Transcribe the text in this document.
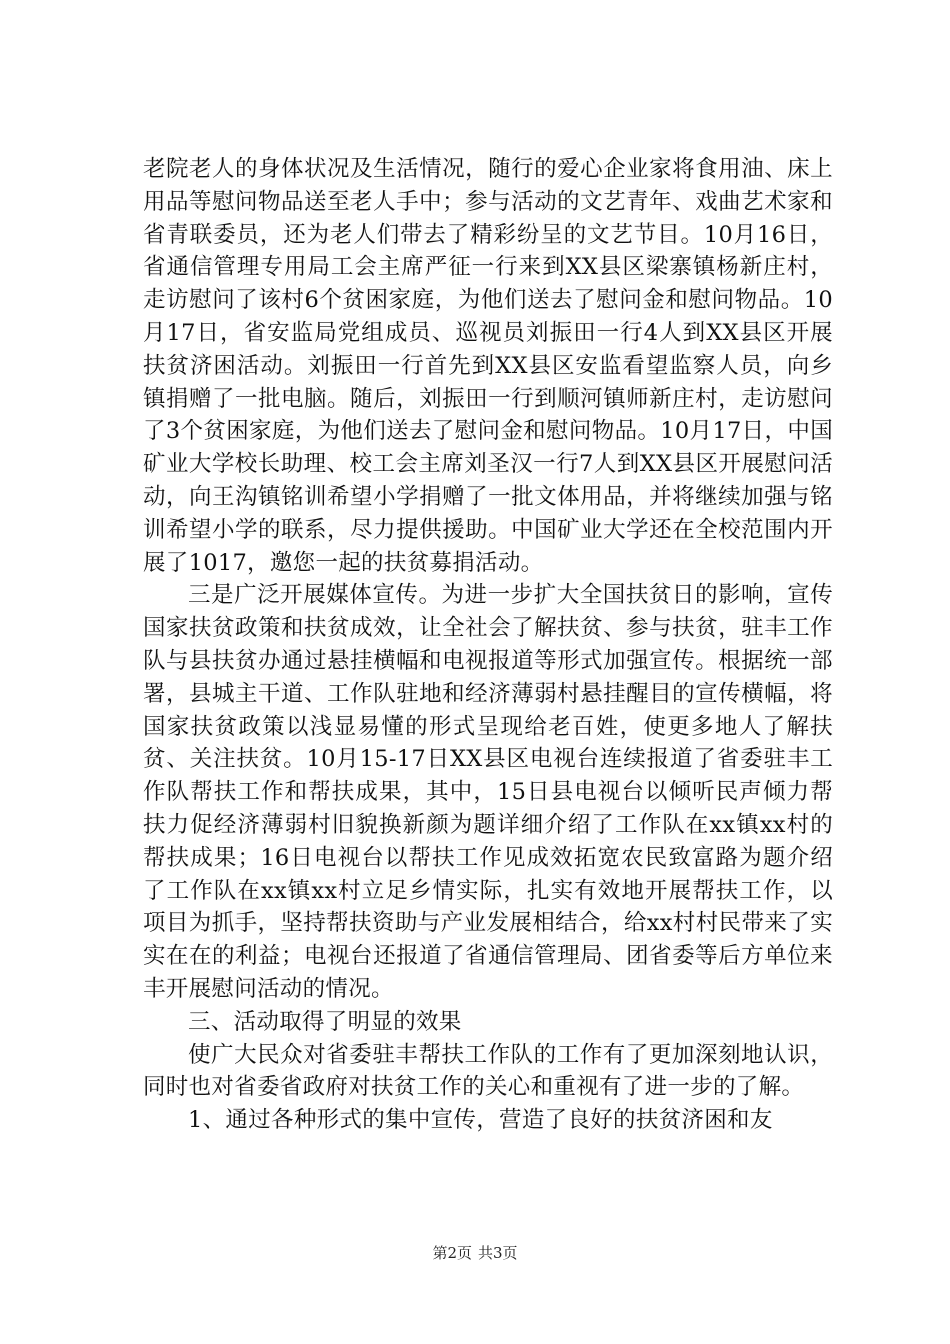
老院老人的身体状况及生活情况，随行的爱心企业家将食用油、床上用品等慰问物品送至老人手中；参与活动的文艺青年、戏曲艺术家和省青联委员，还为老人们带去了精彩纷呈的文艺节目。10月16日，省通信管理专用局工会主席严征一行来到XX县区梁寨镇杨新庄村，走访慰问了该村6个贫困家庭，为他们送去了慰问金和慰问物品。10月17日，省安监局党组成员、巡视员刘振田一行4人到XX县区开展扶贫济困活动。刘振田一行首先到XX县区安监看望监察人员，向乡镇捐赠了一批电脑。随后，刘振田一行到顺河镇师新庄村，走访慰问了3个贫困家庭，为他们送去了慰问金和慰问物品。10月17日，中国矿业大学校长助理、校工会主席刘圣汉一行7人到XX县区开展慰问活动，向王沟镇铭训希望小学捐赠了一批文体用品，并将继续加强与铭训希望小学的联系，尽力提供援助。中国矿业大学还在全校范围内开展了1017，邀您一起的扶贫募捐活动。

三是广泛开展媒体宣传。为进一步扩大全国扶贫日的影响，宣传国家扶贫政策和扶贫成效，让全社会了解扶贫、参与扶贫，驻丰工作队与县扶贫办通过悬挂横幅和电视报道等形式加强宣传。根据统一部署，县城主干道、工作队驻地和经济薄弱村悬挂醒目的宣传横幅，将国家扶贫政策以浅显易懂的形式呈现给老百姓，使更多地人了解扶贫、关注扶贫。10月15-17日XX县区电视台连续报道了省委驻丰工作队帮扶工作和帮扶成果，其中，15日县电视台以倾听民声倾力帮扶力促经济薄弱村旧貌换新颜为题详细介绍了工作队在xx镇xx村的帮扶成果；16日电视台以帮扶工作见成效拓宽农民致富路为题介绍了工作队在xx镇xx村立足乡情实际，扎实有效地开展帮扶工作，以项目为抓手，坚持帮扶资助与产业发展相结合，给xx村村民带来了实实在在的利益；电视台还报道了省通信管理局、团省委等后方单位来丰开展慰问活动的情况。

三、活动取得了明显的效果

使广大民众对省委驻丰帮扶工作队的工作有了更加深刻地认识，同时也对省委省政府对扶贫工作的关心和重视有了进一步的了解。

1、通过各种形式的集中宣传，营造了良好的扶贫济困和友

第2页 共3页
